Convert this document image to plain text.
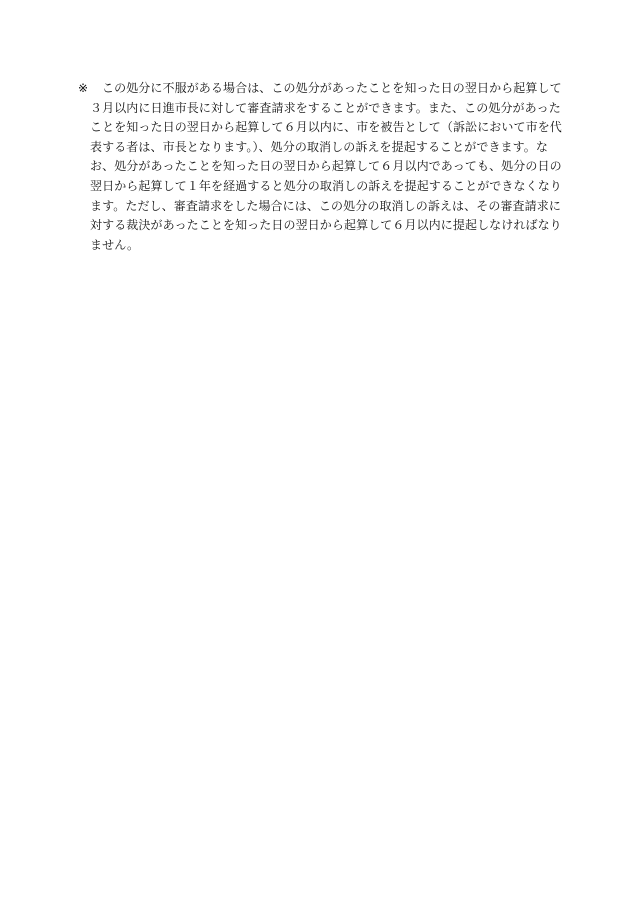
※ この処分に不服がある場合は、この処分があったことを知った日の翌日から起算して
３月以内に日進市長に対して審査請求をすることができます。また、この処分があった
ことを知った日の翌日から起算して６月以内に、市を被告として（訴訟において市を代
表する者は、市長となります。）、処分の取消しの訴えを提起することができます。な
お、処分があったことを知った日の翌日から起算して６月以内であっても、処分の日の
翌日から起算して１年を経過すると処分の取消しの訴えを提起することができなくなり
ます。ただし、審査請求をした場合には、この処分の取消しの訴えは、その審査請求に
対する裁決があったことを知った日の翌日から起算して６月以内に提起しなければなり
ません。
